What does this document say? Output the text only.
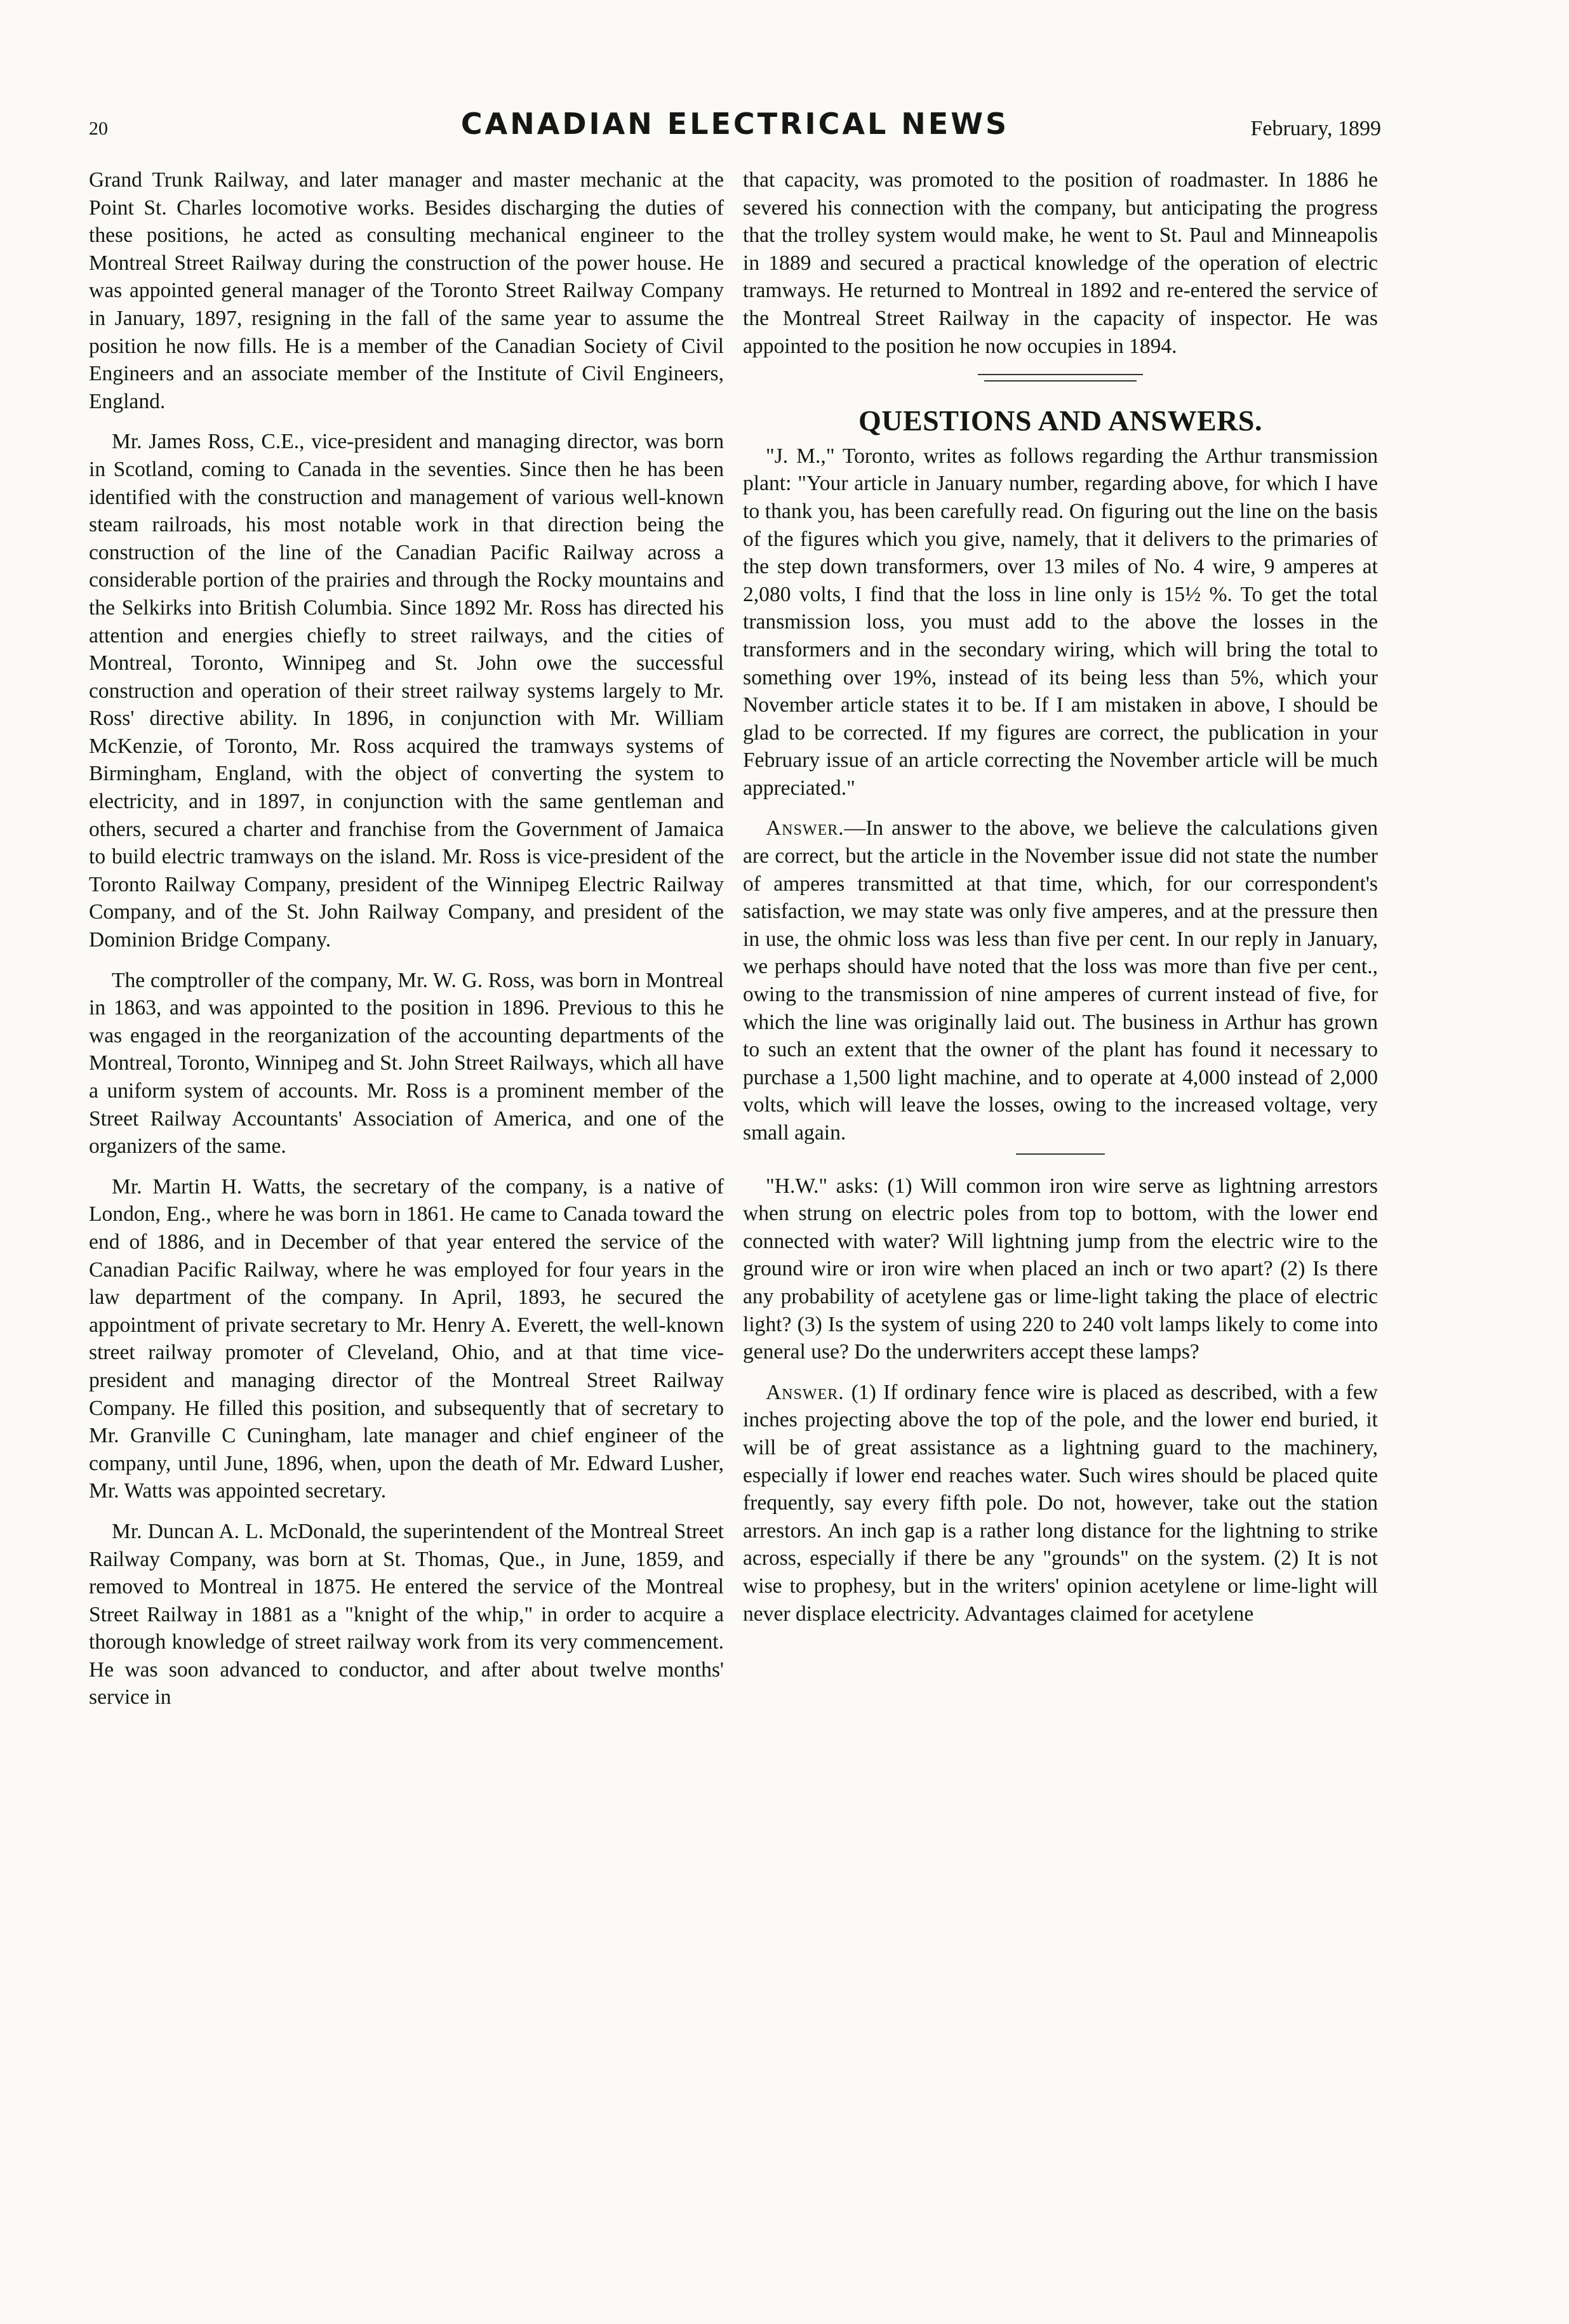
20	CANADIAN ELECTRICAL NEWS	February, 1899

Grand Trunk Railway, and later manager and master mechanic at the Point St. Charles locomotive works. Besides discharging the duties of these positions, he acted as consulting mechanical engineer to the Montreal Street Railway during the construction of the power house. He was appointed general manager of the Toronto Street Railway Company in January, 1897, resigning in the fall of the same year to assume the position he now fills. He is a member of the Canadian Society of Civil Engineers and an associate member of the Institute of Civil Engineers, England.

Mr. James Ross, C.E., vice-president and managing director, was born in Scotland, coming to Canada in the seventies. Since then he has been identified with the construction and management of various well-known steam railroads, his most notable work in that direction being the construction of the line of the Canadian Pacific Railway across a considerable portion of the prairies and through the Rocky mountains and the Selkirks into British Columbia. Since 1892 Mr. Ross has directed his attention and energies chiefly to street railways, and the cities of Montreal, Toronto, Winnipeg and St. John owe the successful construction and operation of their street railway systems largely to Mr. Ross' directive ability. In 1896, in conjunction with Mr. William McKenzie, of Toronto, Mr. Ross acquired the tramways systems of Birmingham, England, with the object of converting the system to electricity, and in 1897, in conjunction with the same gentleman and others, secured a charter and franchise from the Government of Jamaica to build electric tramways on the island. Mr. Ross is vice-president of the Toronto Railway Company, president of the Winnipeg Electric Railway Company, and of the St. John Railway Company, and president of the Dominion Bridge Company.

The comptroller of the company, Mr. W. G. Ross, was born in Montreal in 1863, and was appointed to the position in 1896. Previous to this he was engaged in the reorganization of the accounting departments of the Montreal, Toronto, Winnipeg and St. John Street Railways, which all have a uniform system of accounts. Mr. Ross is a prominent member of the Street Railway Accountants' Association of America, and one of the organizers of the same.

Mr. Martin H. Watts, the secretary of the company, is a native of London, Eng., where he was born in 1861. He came to Canada toward the end of 1886, and in December of that year entered the service of the Canadian Pacific Railway, where he was employed for four years in the law department of the company. In April, 1893, he secured the appointment of private secretary to Mr. Henry A. Everett, the well-known street railway promoter of Cleveland, Ohio, and at that time vice-president and managing director of the Montreal Street Railway Company. He filled this position, and subsequently that of secretary to Mr. Granville C Cuningham, late manager and chief engineer of the company, until June, 1896, when, upon the death of Mr. Edward Lusher, Mr. Watts was appointed secretary.

Mr. Duncan A. L. McDonald, the superintendent of the Montreal Street Railway Company, was born at St. Thomas, Que., in June, 1859, and removed to Montreal in 1875. He entered the service of the Montreal Street Railway in 1881 as a "knight of the whip," in order to acquire a thorough knowledge of street railway work from its very commencement. He was soon advanced to conductor, and after about twelve months' service in

that capacity, was promoted to the position of roadmaster. In 1886 he severed his connection with the company, but anticipating the progress that the trolley system would make, he went to St. Paul and Minneapolis in 1889 and secured a practical knowledge of the operation of electric tramways. He returned to Montreal in 1892 and re-entered the service of the Montreal Street Railway in the capacity of inspector. He was appointed to the position he now occupies in 1894.

QUESTIONS AND ANSWERS.

"J. M.," Toronto, writes as follows regarding the Arthur transmission plant: "Your article in January number, regarding above, for which I have to thank you, has been carefully read. On figuring out the line on the basis of the figures which you give, namely, that it delivers to the primaries of the step down transformers, over 13 miles of No. 4 wire, 9 amperes at 2,080 volts, I find that the loss in line only is 15½ %. To get the total transmission loss, you must add to the above the losses in the transformers and in the secondary wiring, which will bring the total to something over 19%, instead of its being less than 5%, which your November article states it to be. If I am mistaken in above, I should be glad to be corrected. If my figures are correct, the publication in your February issue of an article correcting the November article will be much appreciated."

Answer.—In answer to the above, we believe the calculations given are correct, but the article in the November issue did not state the number of amperes transmitted at that time, which, for our correspondent's satisfaction, we may state was only five amperes, and at the pressure then in use, the ohmic loss was less than five per cent. In our reply in January, we perhaps should have noted that the loss was more than five per cent., owing to the transmission of nine amperes of current instead of five, for which the line was originally laid out. The business in Arthur has grown to such an extent that the owner of the plant has found it necessary to purchase a 1,500 light machine, and to operate at 4,000 instead of 2,000 volts, which will leave the losses, owing to the increased voltage, very small again.

"H.W." asks: (1) Will common iron wire serve as lightning arrestors when strung on electric poles from top to bottom, with the lower end connected with water? Will lightning jump from the electric wire to the ground wire or iron wire when placed an inch or two apart? (2) Is there any probability of acetylene gas or lime-light taking the place of electric light? (3) Is the system of using 220 to 240 volt lamps likely to come into general use? Do the underwriters accept these lamps?

Answer. (1) If ordinary fence wire is placed as described, with a few inches projecting above the top of the pole, and the lower end buried, it will be of great assistance as a lightning guard to the machinery, especially if lower end reaches water. Such wires should be placed quite frequently, say every fifth pole. Do not, however, take out the station arrestors. An inch gap is a rather long distance for the lightning to strike across, especially if there be any "grounds" on the system. (2) It is not wise to prophesy, but in the writers' opinion acetylene or lime-light will never displace electricity. Advantages claimed for acetylene
